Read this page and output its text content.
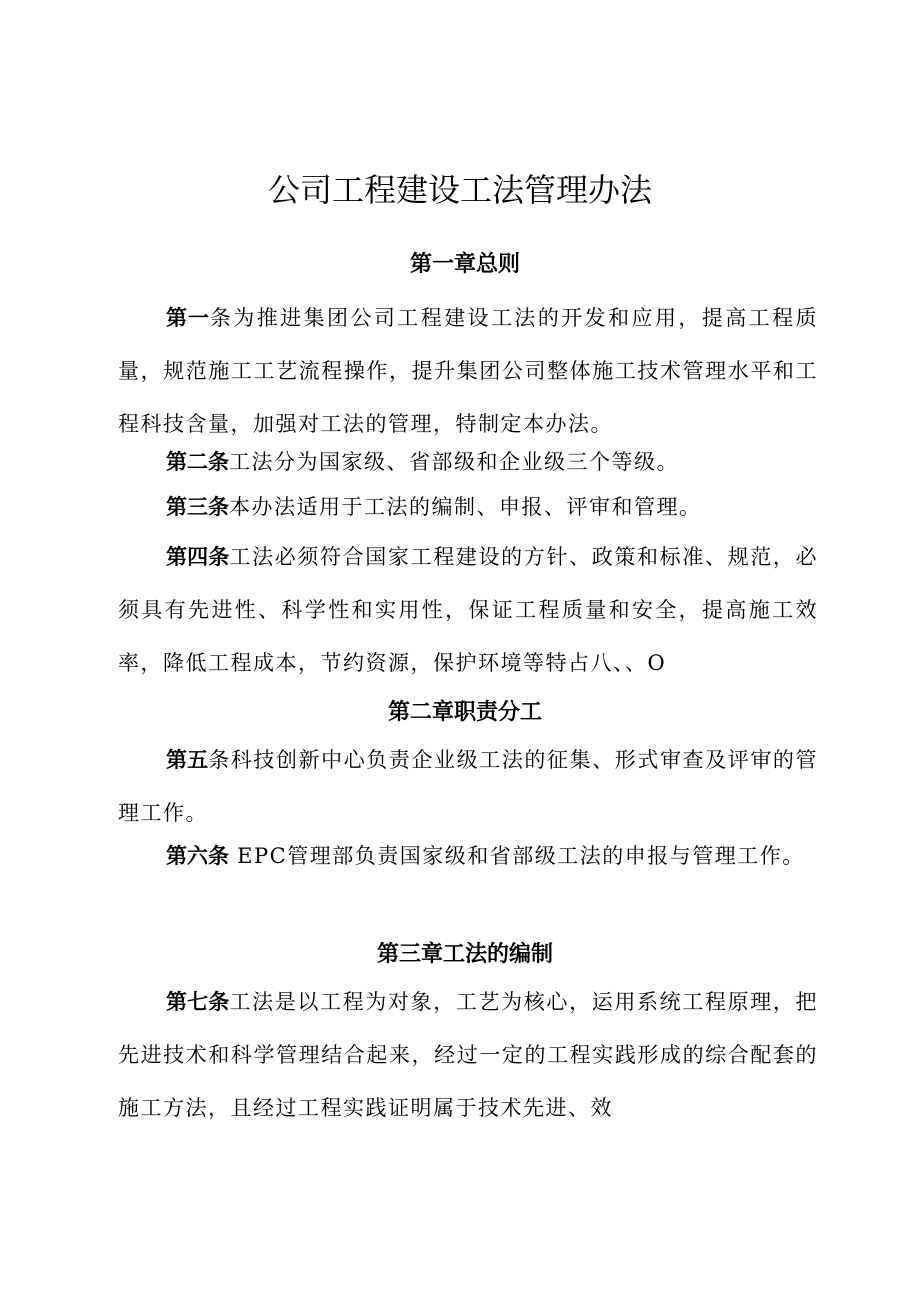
公司工程建设工法管理办法
第一章总则

第一条为推进集团公司工程建设工法的开发和应用，提高工程质量，规范施工工艺流程操作，提升集团公司整体施工技术管理水平和工程科技含量，加强对工法的管理，特制定本办法。

第二条工法分为国家级、省部级和企业级三个等级。

第三条本办法适用于工法的编制、申报、评审和管理。

第四条工法必须符合国家工程建设的方针、政策和标准、规范，必须具有先进性、科学性和实用性，保证工程质量和安全，提高施工效率，降低工程成本，节约资源，保护环境等特占八、、O

第二章职责分工

第五条科技创新中心负责企业级工法的征集、形式审查及评审的管理工作。

第六条 EPC管理部负责国家级和省部级工法的申报与管理工作。

第三章工法的编制

第七条工法是以工程为对象，工艺为核心，运用系统工程原理，把先进技术和科学管理结合起来，经过一定的工程实践形成的综合配套的施工方法，且经过工程实践证明属于技术先进、效
